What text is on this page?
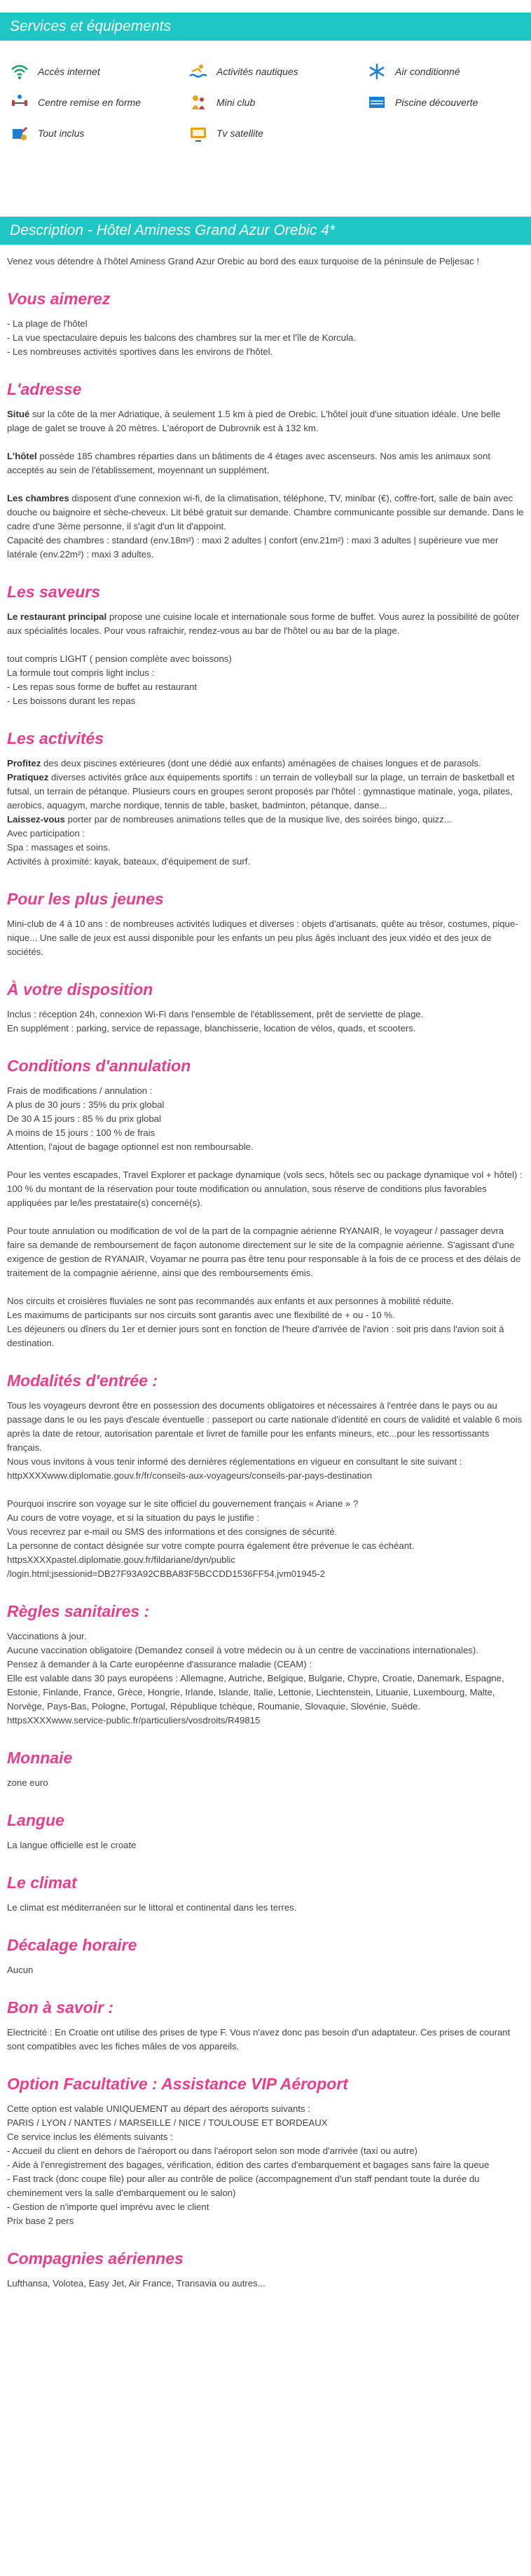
Services et équipements
Accès internet	Activités nautiques	Air conditionné
Centre remise en forme	Mini club	Piscine découverte
Tout inclus	Tv satellite
Description - Hôtel Aminess Grand Azur Orebic 4*

Venez vous détendre à l'hôtel Aminess Grand Azur Orebic au bord des eaux turquoise de la péninsule de Peljesac !

Vous aimerez

- La plage de l'hôtel

- La vue spectaculaire depuis les balcons des chambres sur la mer et l'île de Korcula.

- Les nombreuses activités sportives dans les environs de l'hôtel.

L'adresse

Situé sur la côte de la mer Adriatique, à seulement 1.5 km à pied de Orebic. L'hôtel jouit d'une situation idéale. Une belle plage de galet se trouve à 20 mètres. L'aéroport de Dubrovnik est à 132 km.

L'hôtel possède 185 chambres réparties dans un bâtiments de 4 étages avec ascenseurs. Nos amis les animaux sont acceptés au sein de l'établissement, moyennant un supplément.

Les chambres disposent d'une connexion wi-fi, de la climatisation, téléphone, TV, minibar (€), coffre-fort, salle de bain avec douche ou baignoire et sèche-cheveux. Lit bébé gratuit sur demande. Chambre communicante possible sur demande. Dans le cadre d'une 3ème personne, il s'agit d'un lit d'appoint.

Capacité des chambres : standard (env.18m²) : maxi 2 adultes | confort (env.21m²) : maxi 3 adultes | supérieure vue mer latérale (env.22m²) : maxi 3 adultes.

Les saveurs

Le restaurant principal propose une cuisine locale et internationale sous forme de buffet. Vous aurez la possibilité de goûter aux spécialités locales. Pour vous rafraichir, rendez-vous au bar de l'hôtel ou au bar de la plage.

tout compris LIGHT ( pension complète avec boissons)

La formule tout compris light inclus :

- Les repas sous forme de buffet au restaurant

- Les boissons durant les repas

Les activités

Profitez des deux piscines extérieures (dont une dédié aux enfants) aménagées de chaises longues et de parasols.

Pratiquez diverses activités grâce aux équipements sportifs : un terrain de volleyball sur la plage, un terrain de basketball et futsal, un terrain de pétanque. Plusieurs cours en groupes seront proposés par l'hôtel : gymnastique matinale, yoga, pilates, aerobics, aquagym, marche nordique, tennis de table, basket, badminton, pétanque, danse...

Laissez-vous porter par de nombreuses animations telles que de la musique live, des soirées bingo, quizz...

Avec participation :

Spa : massages et soins.

Activités à proximité: kayak, bateaux, d'équipement de surf.

Pour les plus jeunes

Mini-club de 4 à 10 ans : de nombreuses activités ludiques et diverses : objets d'artisanats, quête au trésor, costumes, pique-nique... Une salle de jeux est aussi disponible pour les enfants un peu plus âgés incluant des jeux vidéo et des jeux de sociétés.

À votre disposition

Inclus : réception 24h, connexion Wi-Fi dans l'ensemble de l'établissement, prêt de serviette de plage.

En supplément : parking, service de repassage, blanchisserie, location de vélos, quads, et scooters.

Conditions d'annulation

Frais de modifications / annulation :

A plus de 30 jours : 35% du prix global

De 30 A 15 jours : 85 % du prix global

A moins de 15 jours : 100 % de frais

Attention, l'ajout de bagage optionnel est non remboursable.

Pour les ventes escapades, Travel Explorer et package dynamique (vols secs, hôtels sec ou package dynamique vol + hôtel) : 100 % du montant de la réservation pour toute modification ou annulation, sous réserve de conditions plus favorables appliquées par le/les prestataire(s) concerné(s).

Pour toute annulation ou modification de vol de la part de la compagnie aérienne RYANAIR, le voyageur / passager devra faire sa demande de remboursement de façon autonome directement sur le site de la compagnie aérienne. S'agissant d'une exigence de gestion de RYANAIR, Voyamar ne pourra pas être tenu pour responsable à la fois de ce process et des délais de traitement de la compagnie aérienne, ainsi que des remboursements émis.

Nos circuits et croisières fluviales ne sont pas recommandés aux enfants et aux personnes à mobilité réduite.

Les maximums de participants sur nos circuits sont garantis avec une flexibilité de + ou - 10 %.

Les déjeuners ou dîners du 1er et dernier jours sont en fonction de l'heure d'arrivée de l'avion : soit pris dans l'avion soit à destination.

Modalités d'entrée :

Tous les voyageurs devront être en possession des documents obligatoires et nécessaires à l'entrée dans le pays ou au passage dans le ou les pays d'escale éventuelle : passeport ou carte nationale d'identité en cours de validité et valable 6 mois après la date de retour, autorisation parentale et livret de famille pour les enfants mineurs, etc...pour les ressortissants français.

Nous vous invitons à vous tenir informé des dernières réglementations en vigueur en consultant le site suivant : httpXXXXwww.diplomatie.gouv.fr/fr/conseils-aux-voyageurs/conseils-par-pays-destination

Pourquoi inscrire son voyage sur le site officiel du gouvernement français « Ariane » ?

Au cours de votre voyage, et si la situation du pays le justifie :

Vous recevrez par e-mail ou SMS des informations et des consignes de sécurité.

La personne de contact désignée sur votre compte pourra également être prévenue le cas échéant.

httpsXXXXpastel.diplomatie.gouv.fr/fildariane/dyn/public

/login.html;jsessionid=DB27F93A92CBBA83F5BCCDD1536FF54.jvm01945-2

Règles sanitaires :

Vaccinations à jour.

Aucune vaccination obligatoire (Demandez conseil à votre médecin ou à un centre de vaccinations internationales).

Pensez à demander à la Carte européenne d'assurance maladie (CEAM) :

Elle est valable dans 30 pays européens : Allemagne, Autriche, Belgique, Bulgarie, Chypre, Croatie, Danemark, Espagne, Estonie, Finlande, France, Grèce, Hongrie, Irlande, Islande, Italie, Lettonie, Liechtenstein, Lituanie, Luxembourg, Malte, Norvège, Pays-Bas, Pologne, Portugal, République tchèque, Roumanie, Slovaquie, Slovénie, Suède.

httpsXXXXwww.service-public.fr/particuliers/vosdroits/R49815

Monnaie

zone euro

Langue

La langue officielle est le croate

Le climat

Le climat est méditerranéen sur le littoral et continental dans les terres.

Décalage horaire

Aucun

Bon à savoir :

Electricité : En Croatie ont utilise des prises de type F. Vous n'avez donc pas besoin d'un adaptateur. Ces prises de courant sont compatibles avec les fiches mâles de vos appareils.

Option Facultative : Assistance VIP Aéroport

Cette option est valable UNIQUEMENT au départ des aéroports suivants :

PARIS / LYON / NANTES / MARSEILLE / NICE / TOULOUSE ET BORDEAUX

Ce service inclus les éléments suivants :

- Accueil du client en dehors de l'aéroport ou dans l'aéroport selon son mode d'arrivée (taxi ou autre)

- Aide à l'enregistrement des bagages, vérification, édition des cartes d'embarquement et bagages sans faire la queue

- Fast track (donc coupe file) pour aller au contrôle de police (accompagnement d'un staff pendant toute la durée du cheminement vers la salle d'embarquement ou le salon)

- Gestion de n'importe quel imprévu avec le client

Prix base 2 pers

Compagnies aériennes

Lufthansa, Volotea, Easy Jet, Air France, Transavia ou autres...
